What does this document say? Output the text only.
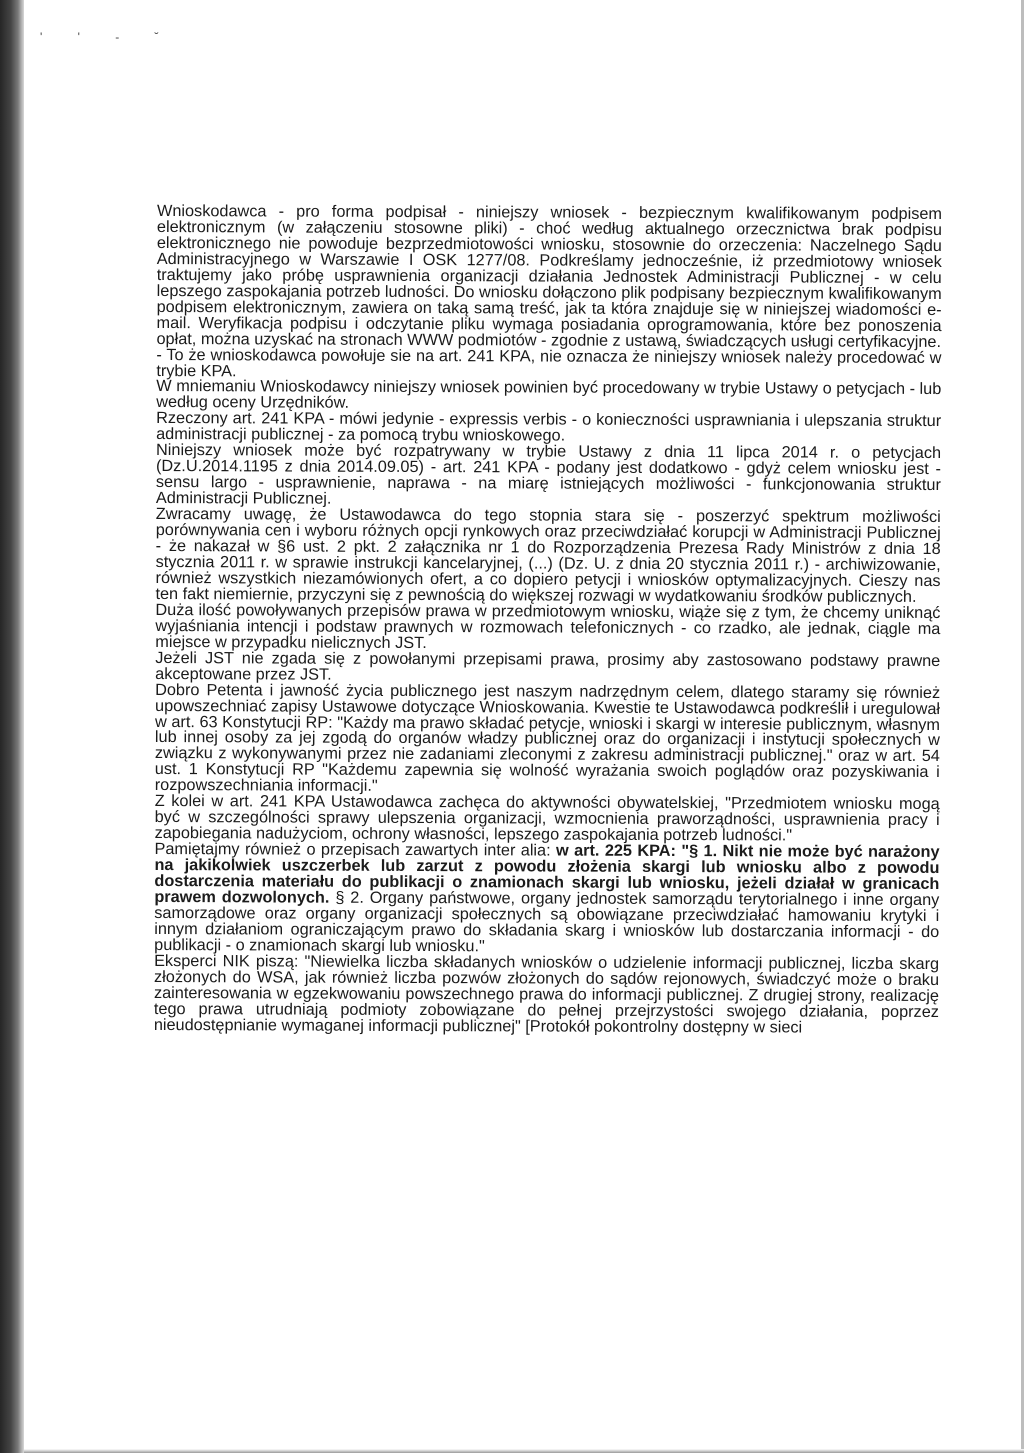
' ' ‐ ˘

Wnioskodawca - pro forma podpisał - niniejszy wniosek - bezpiecznym kwalifikowanym podpisem elektronicznym (w załączeniu stosowne pliki) - choć według aktualnego orzecznictwa brak podpisu elektronicznego nie powoduje bezprzedmiotowości wniosku, stosownie do orzeczenia: Naczelnego Sądu Administracyjnego w Warszawie I OSK 1277/08. Podkreślamy jednocześnie, iż przedmiotowy wniosek traktujemy jako próbę usprawnienia organizacji działania Jednostek Administracji Publicznej - w celu lepszego zaspokajania potrzeb ludności. Do wniosku dołączono plik podpisany bezpiecznym kwalifikowanym podpisem elektronicznym, zawiera on taką samą treść, jak ta która znajduje się w niniejszej wiadomości e-mail. Weryfikacja podpisu i odczytanie pliku wymaga posiadania oprogramowania, które bez ponoszenia opłat, można uzyskać na stronach WWW podmiotów - zgodnie z ustawą, świadczących usługi certyfikacyjne.

- To że wnioskodawca powołuje sie na art. 241 KPA, nie oznacza że niniejszy wniosek należy procedować w trybie KPA.

W mniemaniu Wnioskodawcy niniejszy wniosek powinien być procedowany w trybie Ustawy o petycjach - lub według oceny Urzędników.

Rzeczony art. 241 KPA - mówi jedynie - expressis verbis - o konieczności usprawniania i ulepszania struktur administracji publicznej - za pomocą trybu wnioskowego.

Niniejszy wniosek może być rozpatrywany w trybie Ustawy z dnia 11 lipca 2014 r. o petycjach (Dz.U.2014.1195 z dnia 2014.09.05) - art. 241 KPA - podany jest dodatkowo - gdyż celem wniosku jest - sensu largo - usprawnienie, naprawa - na miarę istniejących możliwości - funkcjonowania struktur Administracji Publicznej.

Zwracamy uwagę, że Ustawodawca do tego stopnia stara się - poszerzyć spektrum możliwości porównywania cen i wyboru różnych opcji rynkowych oraz przeciwdziałać korupcji w Administracji Publicznej - że nakazał w §6 ust. 2 pkt. 2 załącznika nr 1 do Rozporządzenia Prezesa Rady Ministrów z dnia 18 stycznia 2011 r. w sprawie instrukcji kancelaryjnej, (...) (Dz. U. z dnia 20 stycznia 2011 r.) - archiwizowanie, również wszystkich niezamówionych ofert, a co dopiero petycji i wniosków optymalizacyjnych. Cieszy nas ten fakt niemiernie, przyczyni się z pewnością do większej rozwagi w wydatkowaniu środków publicznych.

Duża ilość powoływanych przepisów prawa w przedmiotowym wniosku, wiąże się z tym, że chcemy uniknąć wyjaśniania intencji i podstaw prawnych w rozmowach telefonicznych - co rzadko, ale jednak, ciągle ma miejsce w przypadku nielicznych JST.

Jeżeli JST nie zgada się z powołanymi przepisami prawa, prosimy aby zastosowano podstawy prawne akceptowane przez JST.

Dobro Petenta i jawność życia publicznego jest naszym nadrzędnym celem, dlatego staramy się również upowszechniać zapisy Ustawowe dotyczące Wnioskowania. Kwestie te Ustawodawca podkreślił i uregulował w art. 63 Konstytucji RP: "Każdy ma prawo składać petycje, wnioski i skargi w interesie publicznym, własnym lub innej osoby za jej zgodą do organów władzy publicznej oraz do organizacji i instytucji społecznych w związku z wykonywanymi przez nie zadaniami zleconymi z zakresu administracji publicznej." oraz w art. 54 ust. 1 Konstytucji RP "Każdemu zapewnia się wolność wyrażania swoich poglądów oraz pozyskiwania i rozpowszechniania informacji."

Z kolei w art. 241 KPA Ustawodawca zachęca do aktywności obywatelskiej, "Przedmiotem wniosku mogą być w szczególności sprawy ulepszenia organizacji, wzmocnienia praworządności, usprawnienia pracy i zapobiegania nadużyciom, ochrony własności, lepszego zaspokajania potrzeb ludności."

Pamiętajmy również o przepisach zawartych inter alia: w art. 225 KPA: "§ 1. Nikt nie może być narażony na jakikolwiek uszczerbek lub zarzut z powodu złożenia skargi lub wniosku albo z powodu dostarczenia materiału do publikacji o znamionach skargi lub wniosku, jeżeli działał w granicach prawem dozwolonych. § 2. Organy państwowe, organy jednostek samorządu terytorialnego i inne organy samorządowe oraz organy organizacji społecznych są obowiązane przeciwdziałać hamowaniu krytyki i innym działaniom ograniczającym prawo do składania skarg i wniosków lub dostarczania informacji - do publikacji - o znamionach skargi lub wniosku."

Eksperci NIK piszą: "Niewielka liczba składanych wniosków o udzielenie informacji publicznej, liczba skarg złożonych do WSA, jak również liczba pozwów złożonych do sądów rejonowych, świadczyć może o braku zainteresowania w egzekwowaniu powszechnego prawa do informacji publicznej. Z drugiej strony, realizację tego prawa utrudniają podmioty zobowiązane do pełnej przejrzystości swojego działania, poprzez nieudostępnianie wymaganej informacji publicznej" [Protokół pokontrolny dostępny w sieci
